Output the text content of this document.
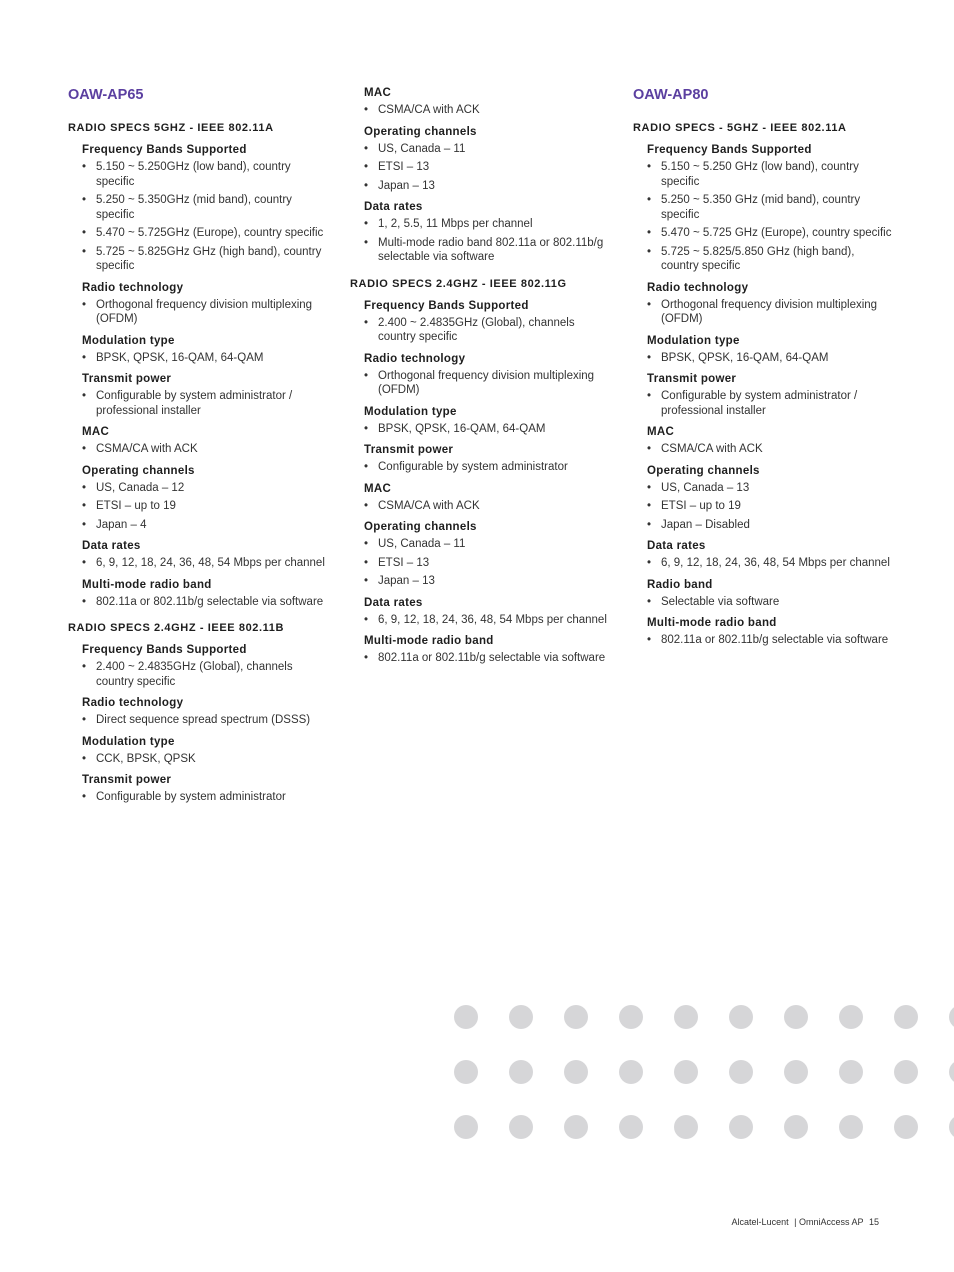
OAW-AP65
RADIO SPECS 5GHZ - IEEE 802.11A
Frequency Bands Supported
• 5.150 ~ 5.250GHz (low band), country specific
• 5.250 ~ 5.350GHz (mid band), country specific
• 5.470 ~ 5.725GHz (Europe), country specific
• 5.725 ~ 5.825GHz GHz (high band), country specific
Radio technology
• Orthogonal frequency division multiplexing (OFDM)
Modulation type
• BPSK, QPSK, 16-QAM, 64-QAM
Transmit power
• Configurable by system administrator / professional installer
MAC
• CSMA/CA with ACK
Operating channels
• US, Canada – 12
• ETSI – up to 19
• Japan – 4
Data rates
• 6, 9, 12, 18, 24, 36, 48, 54 Mbps per channel
Multi-mode radio band
• 802.11a or 802.11b/g selectable via software
RADIO SPECS 2.4GHZ - IEEE 802.11B
Frequency Bands Supported
• 2.400 ~ 2.4835GHz (Global), channels country specific
Radio technology
• Direct sequence spread spectrum (DSSS)
Modulation type
• CCK, BPSK, QPSK
Transmit power
• Configurable by system administrator
MAC
• CSMA/CA with ACK
Operating channels
• US, Canada – 11
• ETSI – 13
• Japan – 13
Data rates
• 1, 2, 5.5, 11 Mbps per channel
• Multi-mode radio band 802.11a or 802.11b/g selectable via software
RADIO SPECS 2.4GHZ - IEEE 802.11G
Frequency Bands Supported
• 2.400 ~ 2.4835GHz (Global), channels country specific
Radio technology
• Orthogonal frequency division multiplexing (OFDM)
Modulation type
• BPSK, QPSK, 16-QAM, 64-QAM
Transmit power
• Configurable by system administrator
MAC
• CSMA/CA with ACK
Operating channels
• US, Canada – 11
• ETSI – 13
• Japan – 13
Data rates
• 6, 9, 12, 18, 24, 36, 48, 54 Mbps per channel
Multi-mode radio band
• 802.11a or 802.11b/g selectable via software
OAW-AP80
RADIO SPECS - 5GHZ - IEEE 802.11A
Frequency Bands Supported
• 5.150 ~ 5.250 GHz (low band), country specific
• 5.250 ~ 5.350 GHz (mid band), country specific
• 5.470 ~ 5.725 GHz (Europe), country specific
• 5.725 ~ 5.825/5.850 GHz (high band), country specific
Radio technology
• Orthogonal frequency division multiplexing (OFDM)
Modulation type
• BPSK, QPSK, 16-QAM, 64-QAM
Transmit power
• Configurable by system administrator / professional installer
MAC
• CSMA/CA with ACK
Operating channels
• US, Canada – 13
• ETSI – up to 19
• Japan – Disabled
Data rates
• 6, 9, 12, 18, 24, 36, 48, 54 Mbps per channel
Radio band
• Selectable via software
Multi-mode radio band
• 802.11a or 802.11b/g selectable via software
Alcatel-Lucent | OmniAccess AP 15
